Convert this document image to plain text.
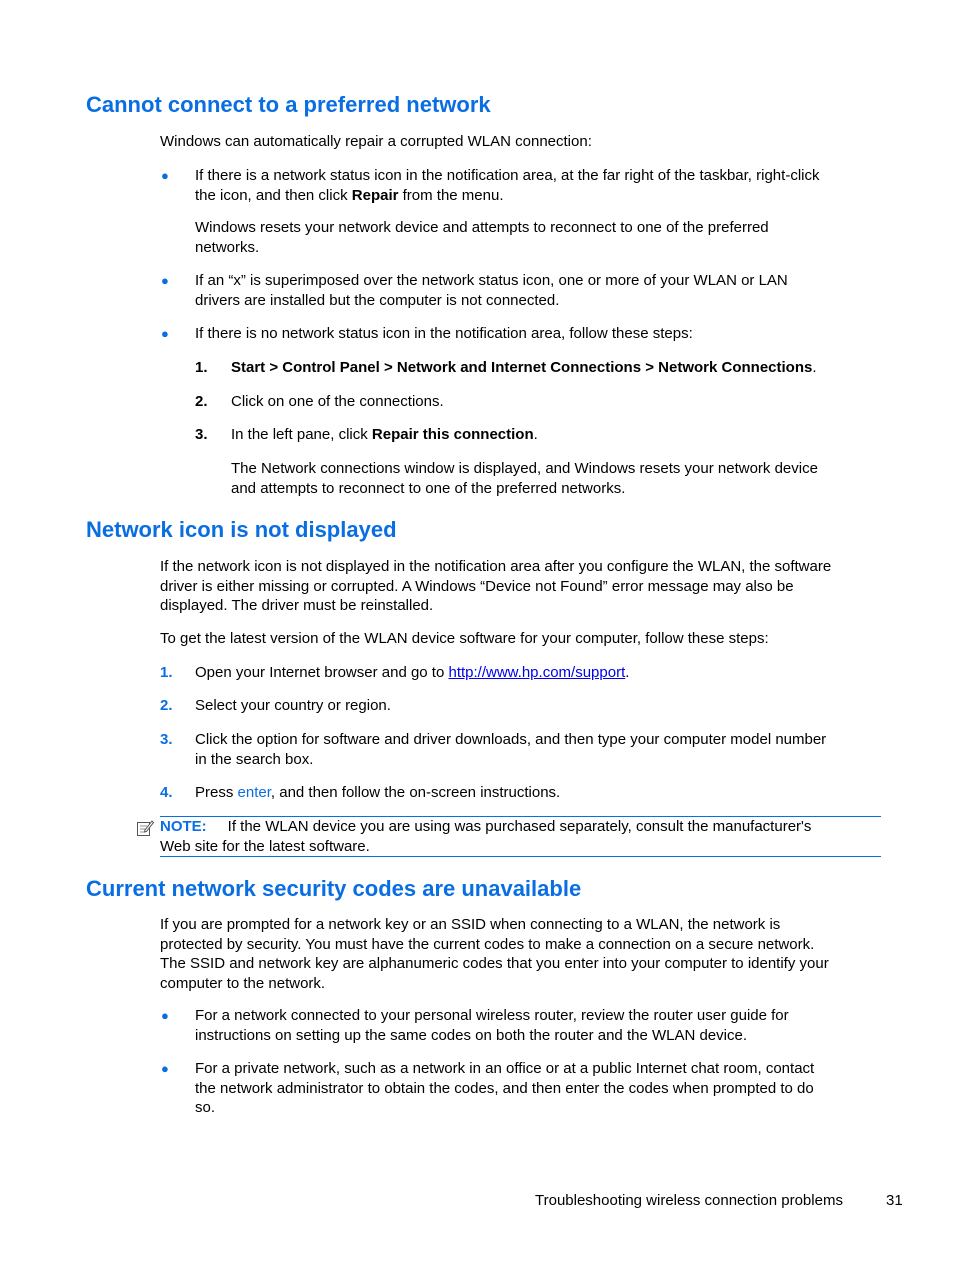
Cannot connect to a preferred network

Windows can automatically repair a corrupted WLAN connection:

● If there is a network status icon in the notification area, at the far right of the taskbar, right-click

the icon, and then click Repair from the menu.

Windows resets your network device and attempts to reconnect to one of the preferred

networks.

● If an “x” is superimposed over the network status icon, one or more of your WLAN or LAN

drivers are installed but the computer is not connected.

● If there is no network status icon in the notification area, follow these steps:

1. Start > Control Panel > Network and Internet Connections > Network Connections.

2. Click on one of the connections.

3. In the left pane, click Repair this connection.

The Network connections window is displayed, and Windows resets your network device

and attempts to reconnect to one of the preferred networks.

Network icon is not displayed

If the network icon is not displayed in the notification area after you configure the WLAN, the software

driver is either missing or corrupted. A Windows “Device not Found” error message may also be

displayed. The driver must be reinstalled.

To get the latest version of the WLAN device software for your computer, follow these steps:

1. Open your Internet browser and go to http://www.hp.com/support.

2. Select your country or region.

3. Click the option for software and driver downloads, and then type your computer model number

in the search box.

4. Press enter, and then follow the on-screen instructions.

NOTE: If the WLAN device you are using was purchased separately, consult the manufacturer's

Web site for the latest software.

Current network security codes are unavailable

If you are prompted for a network key or an SSID when connecting to a WLAN, the network is

protected by security. You must have the current codes to make a connection on a secure network.

The SSID and network key are alphanumeric codes that you enter into your computer to identify your

computer to the network.

● For a network connected to your personal wireless router, review the router user guide for

instructions on setting up the same codes on both the router and the WLAN device.

● For a private network, such as a network in an office or at a public Internet chat room, contact

the network administrator to obtain the codes, and then enter the codes when prompted to do

so.

Troubleshooting wireless connection problems	31
